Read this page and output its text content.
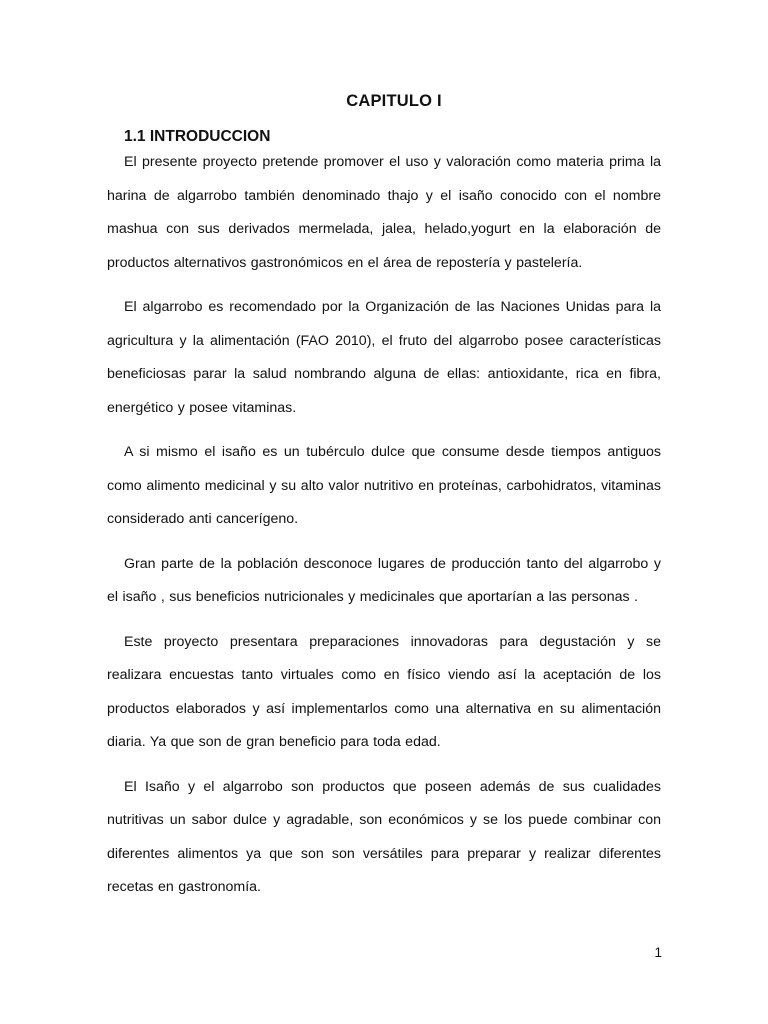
CAPITULO I
1.1 INTRODUCCION

El presente proyecto pretende promover el uso y valoración como materia prima la harina de algarrobo también denominado thajo y el isaño conocido con el nombre mashua con sus derivados mermelada, jalea, helado,yogurt en la elaboración de productos alternativos gastronómicos en el área de repostería y pastelería.

El algarrobo es recomendado por la Organización de las Naciones Unidas para la agricultura y la alimentación (FAO 2010), el fruto del algarrobo posee características beneficiosas parar la salud nombrando alguna de ellas: antioxidante, rica en fibra, energético y posee vitaminas.

A si mismo el isaño es un tubérculo dulce que consume desde tiempos antiguos como alimento medicinal y su alto valor nutritivo en proteínas, carbohidratos, vitaminas considerado anti cancerígeno.

Gran parte de la población desconoce lugares de producción tanto del algarrobo y el isaño , sus beneficios nutricionales y medicinales que aportarían a las personas .

Este proyecto presentara preparaciones innovadoras para degustación y se realizara encuestas tanto virtuales como en físico viendo así la aceptación de los productos elaborados y así implementarlos como una alternativa en su alimentación diaria. Ya que son de gran beneficio para toda edad.

El Isaño y el algarrobo son productos que poseen además de sus cualidades nutritivas un sabor dulce y agradable, son económicos y se los puede combinar con diferentes alimentos ya que son son versátiles para preparar y realizar diferentes recetas en gastronomía.

1
